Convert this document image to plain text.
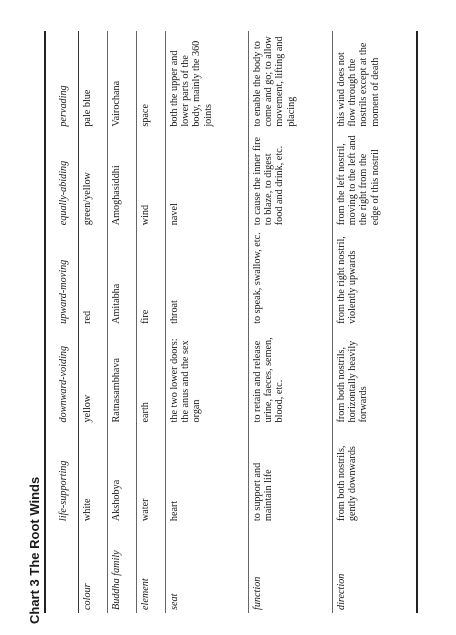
Chart 3 The Root Winds
	life-supporting	downward-voiding	upward-moving	equally-abiding	pervading
colour	white	yellow	red	green/yellow	pale blue
Buddha family	Akshobya	Ratnasambhava	Amitabha	Amoghasiddhi	Vairochana
element	water	earth	fire	wind	space
seat	heart	the two lower doors: the anus and the sex organ	throat	navel	both the upper and lower parts of the body, mainly the 360 joints
function	to support and maintain life	to retain and release urine, faeces, semen, blood, etc.	to speak, swallow, etc.	to cause the inner fire to blaze, to digest food and drink, etc.	to enable the body to come and go; to allow movement, lifting and placing
direction	from both nostrils, gently downwards	from both nostrils, horizontally heavily forwards	from the right nostril, violently upwards	from the left nostril, moving to the left and the right from the edge of this nostril	this wind does not flow through the nostrils except at the moment of death
